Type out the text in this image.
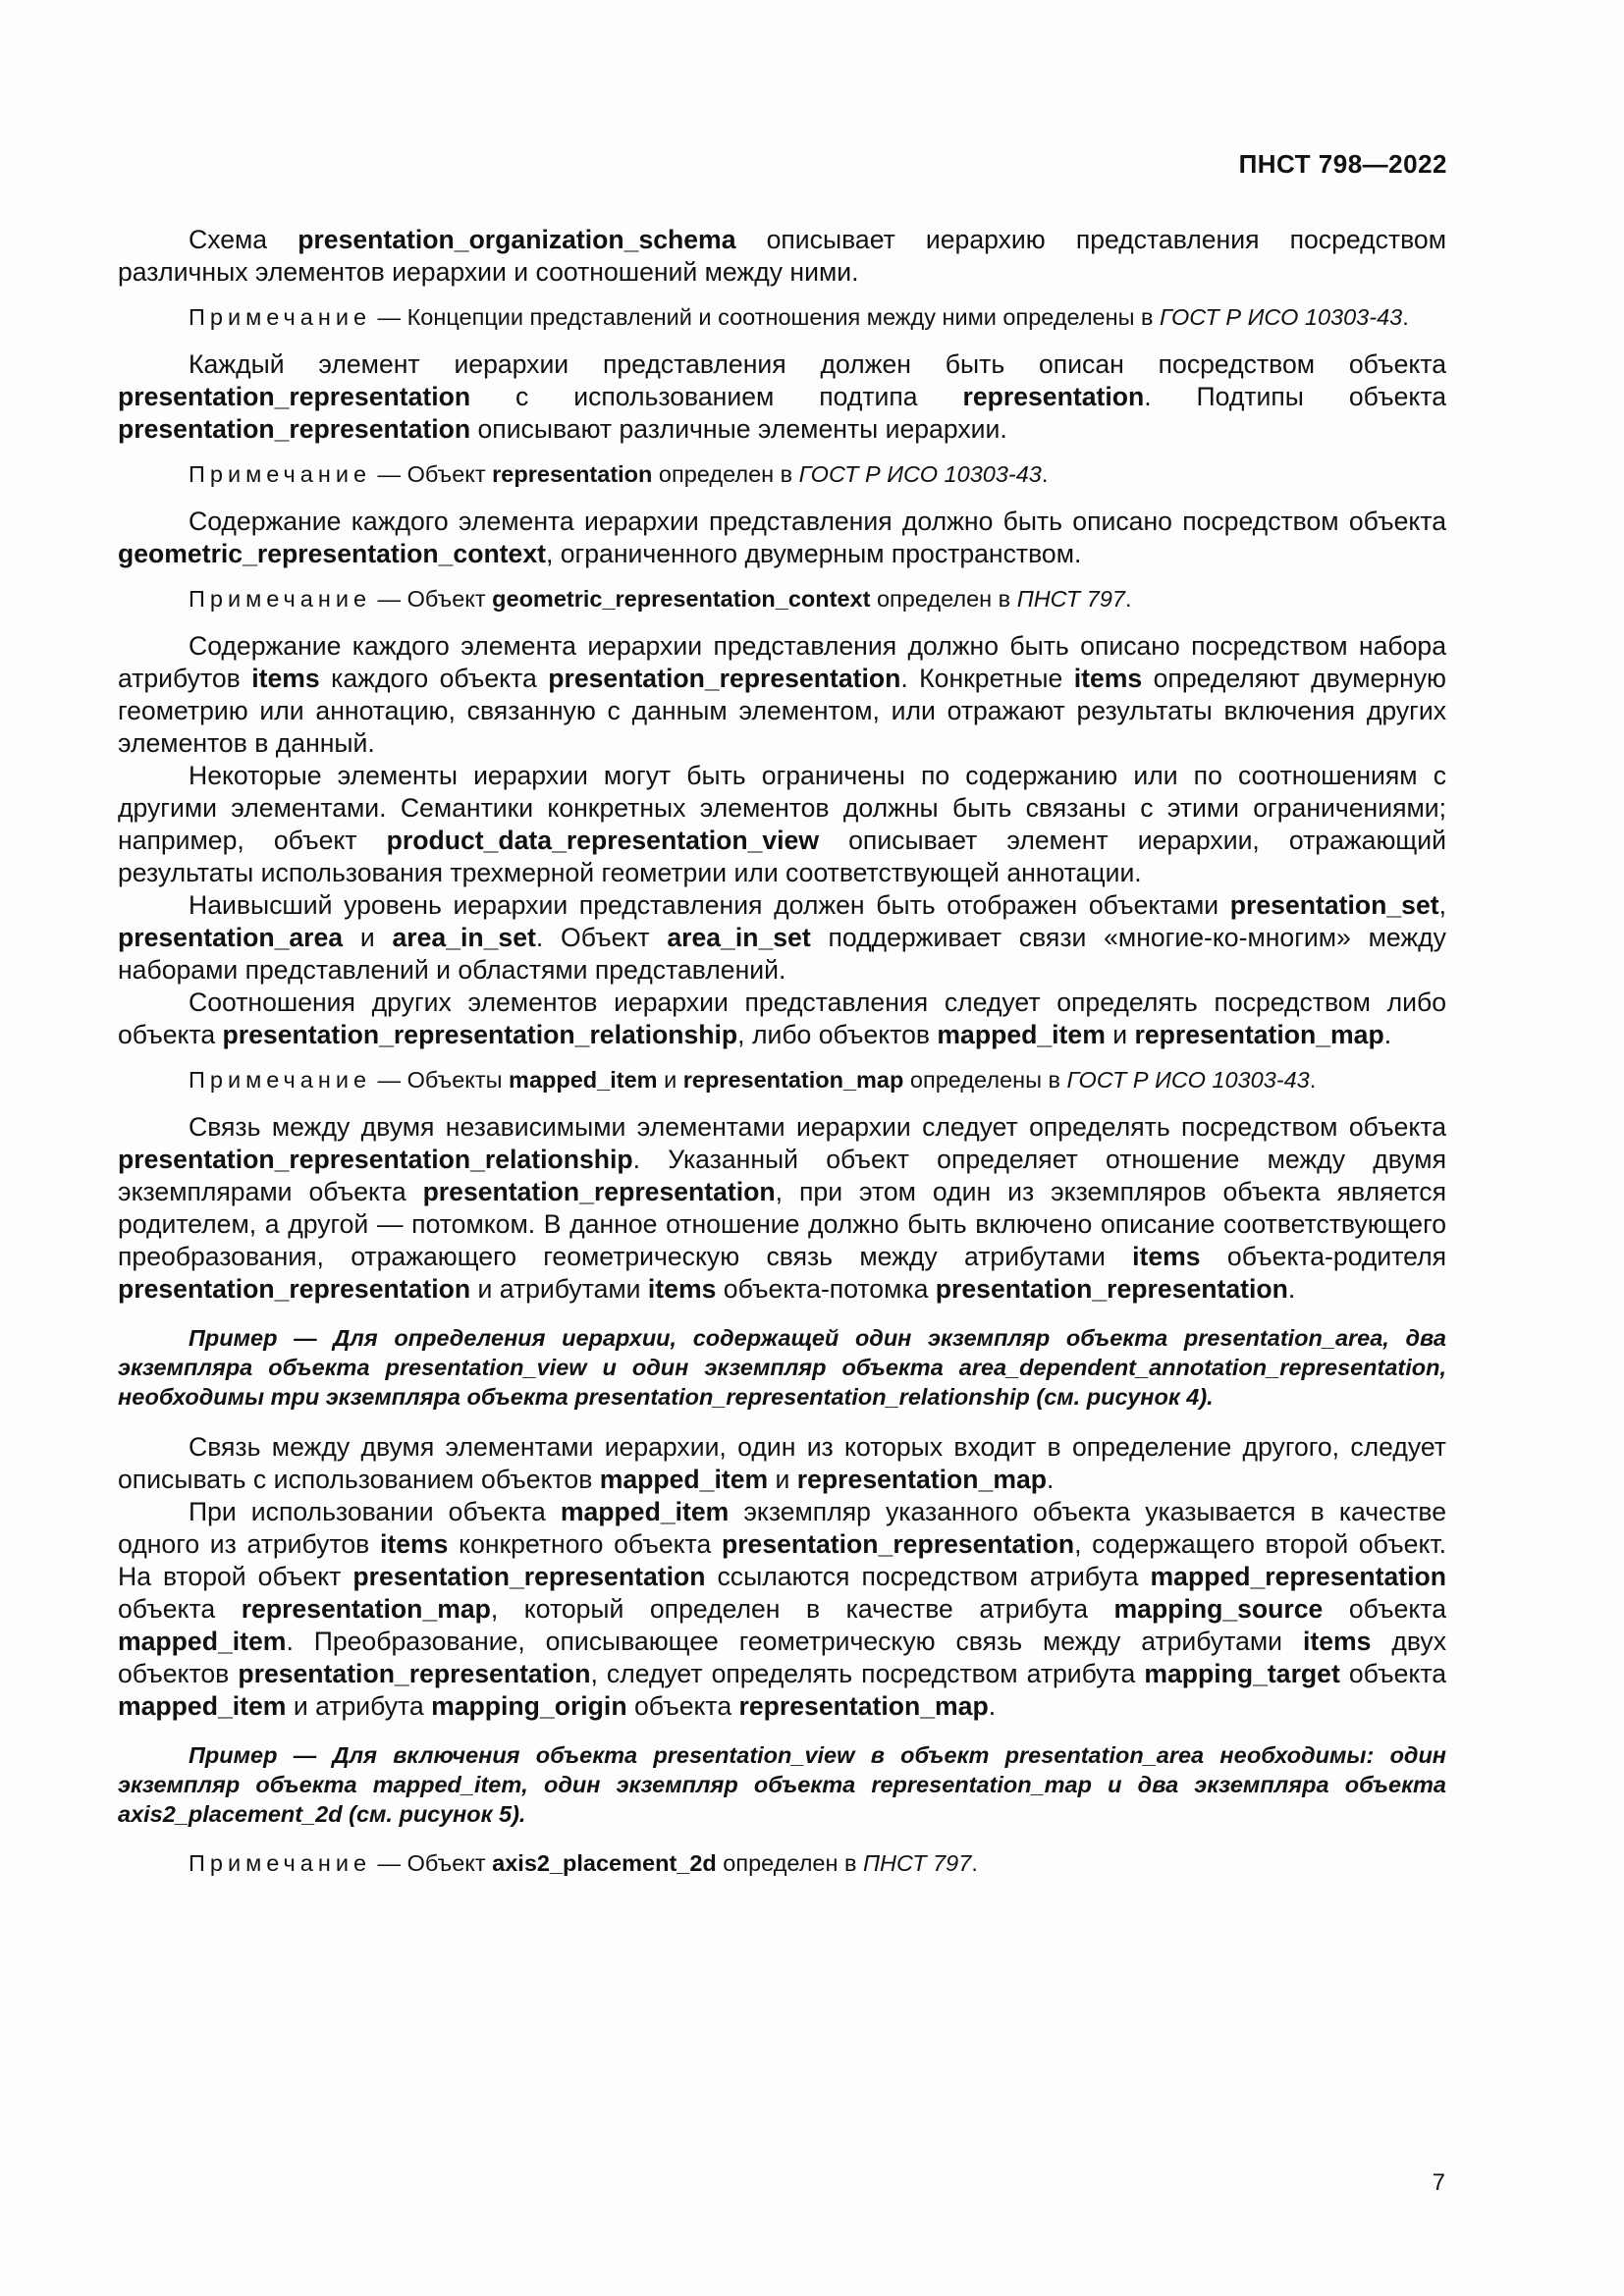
ПНСТ 798—2022

Схема presentation_organization_schema описывает иерархию представления посредством различных элементов иерархии и соотношений между ними.

Примечание — Концепции представлений и соотношения между ними определены в ГОСТ Р ИСО 10303-43.

Каждый элемент иерархии представления должен быть описан посредством объекта presentation_representation с использованием подтипа representation. Подтипы объекта presentation_representation описывают различные элементы иерархии.

Примечание — Объект representation определен в ГОСТ Р ИСО 10303-43.

Содержание каждого элемента иерархии представления должно быть описано посредством объекта geometric_representation_context, ограниченного двумерным пространством.

Примечание — Объект geometric_representation_context определен в ПНСТ 797.

Содержание каждого элемента иерархии представления должно быть описано посредством набора атрибутов items каждого объекта presentation_representation. Конкретные items определяют двумерную геометрию или аннотацию, связанную с данным элементом, или отражают результаты включения других элементов в данный.

Некоторые элементы иерархии могут быть ограничены по содержанию или по соотношениям с другими элементами. Семантики конкретных элементов должны быть связаны с этими ограничениями; например, объект product_data_representation_view описывает элемент иерархии, отражающий результаты использования трехмерной геометрии или соответствующей аннотации.

Наивысший уровень иерархии представления должен быть отображен объектами presentation_set, presentation_area и area_in_set. Объект area_in_set поддерживает связи «многие-ко-многим» между наборами представлений и областями представлений.

Соотношения других элементов иерархии представления следует определять посредством либо объекта presentation_representation_relationship, либо объектов mapped_item и representation_map.

Примечание — Объекты mapped_item и representation_map определены в ГОСТ Р ИСО 10303-43.

Связь между двумя независимыми элементами иерархии следует определять посредством объекта presentation_representation_relationship. Указанный объект определяет отношение между двумя экземплярами объекта presentation_representation, при этом один из экземпляров объекта является родителем, а другой — потомком. В данное отношение должно быть включено описание соответствующего преобразования, отражающего геометрическую связь между атрибутами items объекта-родителя presentation_representation и атрибутами items объекта-потомка presentation_representation.

Пример — Для определения иерархии, содержащей один экземпляр объекта presentation_area, два экземпляра объекта presentation_view и один экземпляр объекта area_dependent_annotation_representation, необходимы три экземпляра объекта presentation_representation_relationship (см. рисунок 4).

Связь между двумя элементами иерархии, один из которых входит в определение другого, следует описывать с использованием объектов mapped_item и representation_map.

При использовании объекта mapped_item экземпляр указанного объекта указывается в качестве одного из атрибутов items конкретного объекта presentation_representation, содержащего второй объект. На второй объект presentation_representation ссылаются посредством атрибута mapped_representation объекта representation_map, который определен в качестве атрибута mapping_source объекта mapped_item. Преобразование, описывающее геометрическую связь между атрибутами items двух объектов presentation_representation, следует определять посредством атрибута mapping_target объекта mapped_item и атрибута mapping_origin объекта representation_map.

Пример — Для включения объекта presentation_view в объект presentation_area необходимы: один экземпляр объекта mapped_item, один экземпляр объекта representation_map и два экземпляра объекта axis2_placement_2d (см. рисунок 5).

Примечание — Объект axis2_placement_2d определен в ПНСТ 797.

7
